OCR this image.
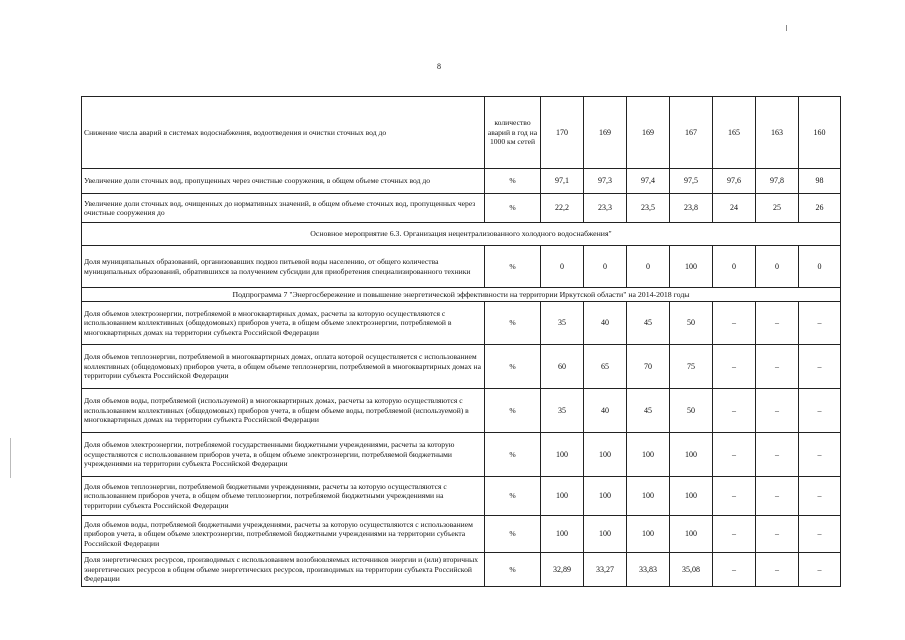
8
Снижение числа аварий в системах водоснабжения, водоотведения и очистки сточных вод до	количество аварий в год на 1000 км сетей	170	169	169	167	165	163	160
Увеличение доли сточных вод, пропущенных через очистные сооружения, в общем объеме сточных вод до	%	97,1	97,3	97,4	97,5	97,6	97,8	98
Увеличение доли сточных вод, очищенных до нормативных значений, в общем объеме сточных вод, пропущенных через очистные сооружения до	%	22,2	23,3	23,5	23,8	24	25	26
Основное мероприятие 6.3. Организация нецентрализованного холодного водоснабжения"								
Доля муниципальных образований, организовавших подвоз питьевой воды населению, от общего количества муниципальных образований, обратившихся за получением субсидии для приобретения специализированного техники	%	0	0	0	100	0	0	0
Подпрограмма 7 "Энергосбережение и повышение энергетической эффективности на территории Иркутской области" на 2014-2018 годы								
Доля объемов электроэнергии, потребляемой в многоквартирных домах, расчеты за которую осуществляются с использованием коллективных (общедомовых) приборов учета, в общем объеме электроэнергии, потребляемой в многоквартирных домах на территории субъекта Российской Федерации	%	35	40	45	50	–	–	–
Доля объемов теплоэнергии, потребляемой в многоквартирных домах, оплата которой осуществляется с использованием коллективных (общедомовых) приборов учета, в общем объеме теплоэнергии, потребляемой в многоквартирных домах на территории субъекта Российской Федерации	%	60	65	70	75	–	–	–
Доля объемов воды, потребляемой (используемой) в многоквартирных домах, расчеты за которую осуществляются с использованием коллективных (общедомовых) приборов учета, в общем объеме воды, потребляемой (используемой) в многоквартирных домах на территории субъекта Российской Федерации	%	35	40	45	50	–	–	–
Доля объемов электроэнергии, потребляемой государственными бюджетными учреждениями, расчеты за которую осуществляются с использованием приборов учета, в общем объеме электроэнергии, потребляемой бюджетными учреждениями на территории субъекта Российской Федерации	%	100	100	100	100	–	–	–
Доля объемов теплоэнергии, потребляемой бюджетными учреждениями, расчеты за которую осуществляются с использованием приборов учета, в общем объеме теплоэнергии, потребляемой бюджетными учреждениями на территории субъекта Российской Федерации	%	100	100	100	100	–	–	–
Доля объемов воды, потребляемой бюджетными учреждениями, расчеты за которую осуществляются с использованием приборов учета, в общем объеме электроэнергии, потребляемой бюджетными учреждениями на территории субъекта Российской Федерации	%	100	100	100	100	–	–	–
Доля энергетических ресурсов, производимых с использованием возобновляемых источников энергии и (или) вторичных энергетических ресурсов в общем объеме энергетических ресурсов, производимых на территории субъекта Российской Федерации	%	32,89	33,27	33,83	35,08	–	–	–
